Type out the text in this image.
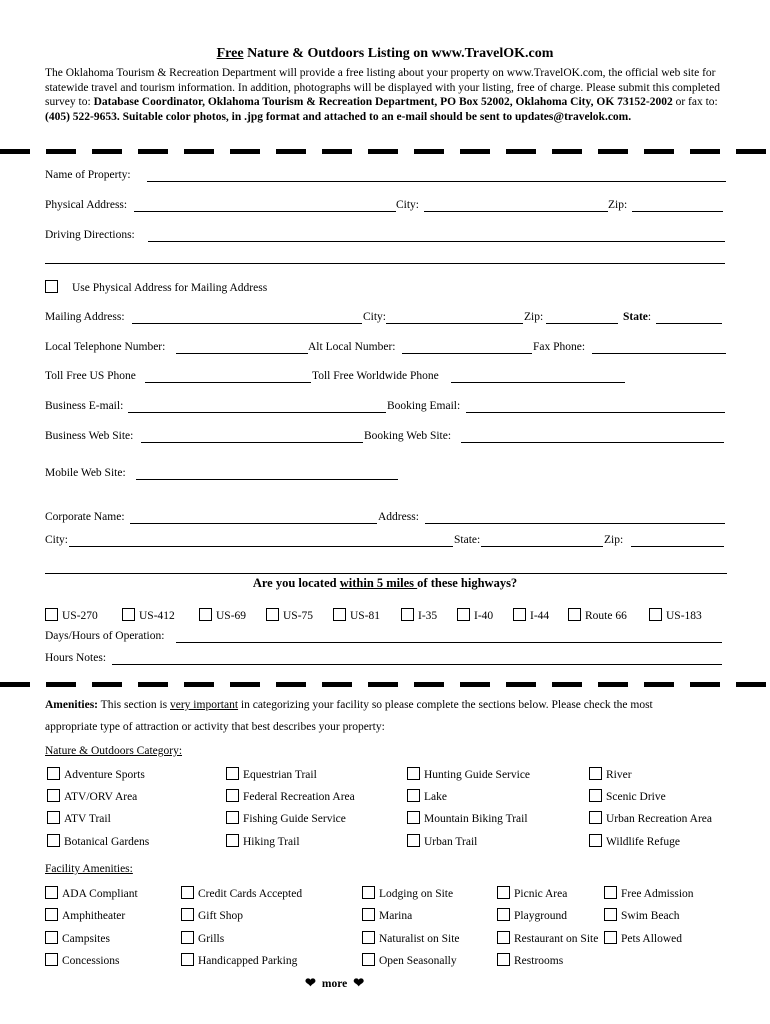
Free Nature & Outdoors Listing on www.TravelOK.com
The Oklahoma Tourism & Recreation Department will provide a free listing about your property on www.TravelOK.com, the official web site for statewide travel and tourism information. In addition, photographs will be displayed with your listing, free of charge. Please submit this completed survey to: Database Coordinator, Oklahoma Tourism & Recreation Department, PO Box 52002, Oklahoma City, OK 73152-2002 or fax to: (405) 522-9653. Suitable color photos, in .jpg format and attached to an e-mail should be sent to updates@travelok.com.
Name of Property:
Physical Address:	City:	Zip:
Driving Directions:
Use Physical Address for Mailing Address
Mailing Address:	City:	Zip:	State:
Local Telephone Number:	Alt Local Number:	Fax Phone:
Toll Free US Phone	Toll Free Worldwide Phone
Business E-mail:	Booking Email:
Business Web Site:	Booking Web Site:
Mobile Web Site:
Corporate Name:	Address:
City:	State:	Zip:
Are you located within 5 miles of these highways?
US-270	US-412	US-69	US-75	US-81	I-35	I-40	I-44	Route 66	US-183
Days/Hours of Operation:
Hours Notes:
Amenities: This section is very important in categorizing your facility so please complete the sections below. Please check the most
appropriate type of attraction or activity that best describes your property:
Nature & Outdoors Category:
Adventure Sports	Equestrian Trail	Hunting Guide Service	River
ATV/ORV Area	Federal Recreation Area	Lake	Scenic Drive
ATV Trail	Fishing Guide Service	Mountain Biking Trail	Urban Recreation Area
Botanical Gardens	Hiking Trail	Urban Trail	Wildlife Refuge
Facility Amenities:
ADA Compliant	Credit Cards Accepted	Lodging on Site	Picnic Area	Free Admission
Amphitheater	Gift Shop	Marina	Playground	Swim Beach
Campsites	Grills	Naturalist on Site	Restaurant on Site	Pets Allowed
Concessions	Handicapped Parking	Open Seasonally	Restrooms
❤ more ❤
